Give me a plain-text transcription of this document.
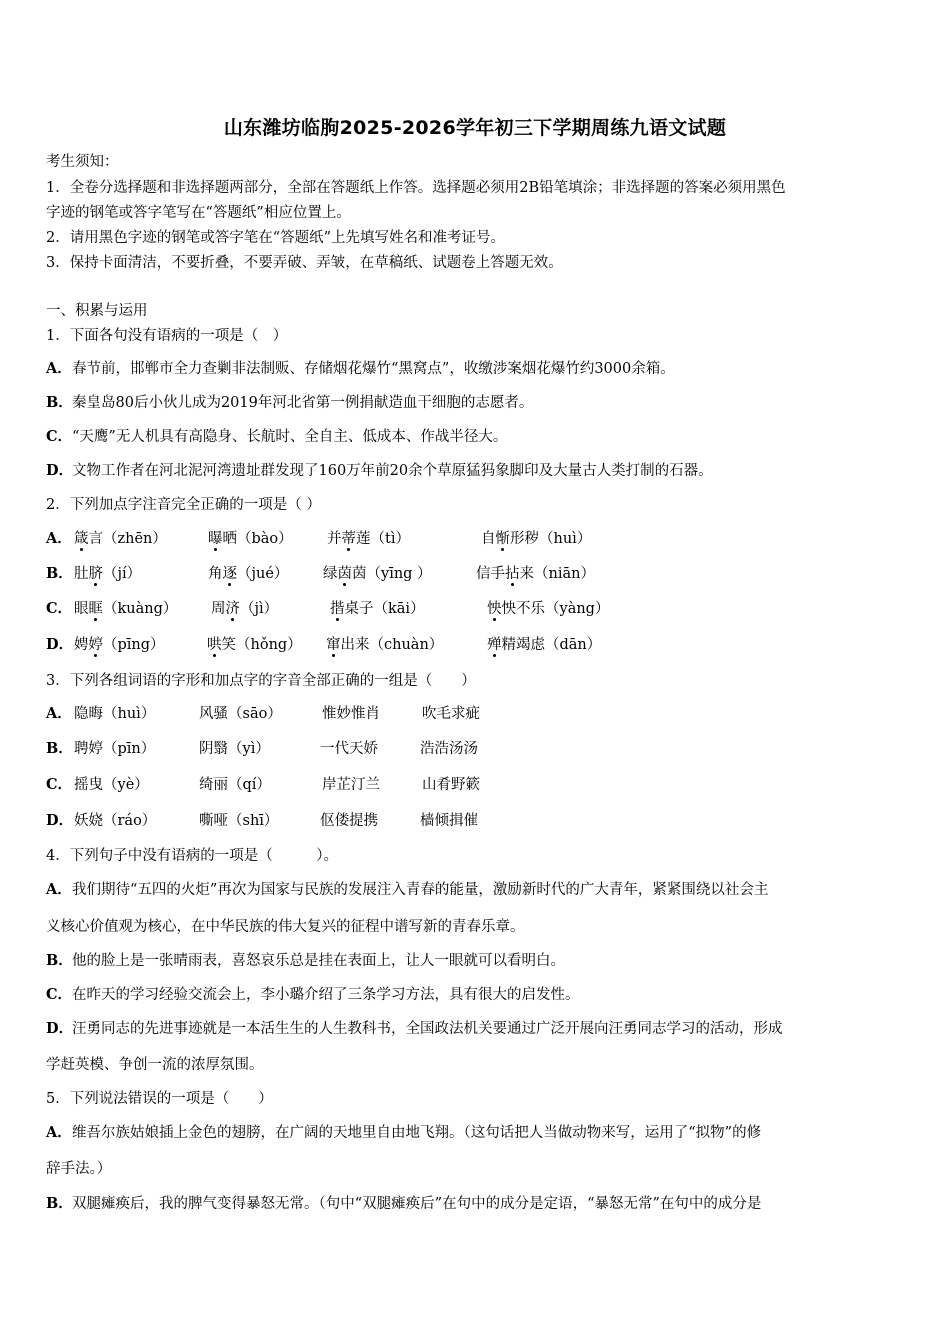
山东潍坊临朐2025-2026学年初三下学期周练九语文试题
考生须知：
1．全卷分选择题和非选择题两部分，全部在答题纸上作答。选择题必须用2B铅笔填涂；非选择题的答案必须用黑色
字迹的钢笔或答字笔写在“答题纸”相应位置上。
2．请用黑色字迹的钢笔或答字笔在“答题纸”上先填写姓名和准考证号。
3．保持卡面清洁，不要折叠，不要弄破、弄皱，在草稿纸、试题卷上答题无效。
一、积累与运用
1．下面各句没有语病的一项是（　）
A．春节前，邯郸市全力查剿非法制贩、存储烟花爆竹“黑窝点”，收缴涉案烟花爆竹约3000余箱。
B．秦皇岛80后小伙儿成为2019年河北省第一例捐献造血干细胞的志愿者。
C．“天鹰”无人机具有高隐身、长航时、全自主、低成本、作战半径大。
D．文物工作者在河北泥河湾遗址群发现了160万年前20余个草原猛犸象脚印及大量古人类打制的石器。
2．下列加点字注音完全正确的一项是（ ）
A． 箴言（zhēn）	曝晒（bào） 并蒂莲（tì）	自惭形秽（huì）
B． 肚脐（jí）	角逐（jué） 绿茵茵（yīng ）	信手拈来（niān）
C． 眼眶（kuàng） 周济（jì）	揩桌子（kāi）	怏怏不乐（yàng）
D． 娉婷（pīng）	哄笑（hǒng） 窜出来（chuàn）	殚精竭虑（dān）
3．下列各组词语的字形和加点字的字音全部正确的一组是（　　）
A． 隐晦（huì）	风骚（sāo）	惟妙惟肖	吹毛求疵
B． 聘婷（pīn）	阴翳（yì）	一代天娇	浩浩汤汤
C． 摇曳（yè）	绮丽（qí）	岸芷汀兰	山肴野簌
D． 妖娆（ráo）	嘶哑（shī）	伛偻提携	樯倾揖催
4．下列句子中没有语病的一项是（　　　）。
A．我们期待“五四的火炬”再次为国家与民族的发展注入青春的能量，激励新时代的广大青年，紧紧围绕以社会主
义核心价值观为核心，在中华民族的伟大复兴的征程中谱写新的青春乐章。
B．他的脸上是一张晴雨表，喜怒哀乐总是挂在表面上，让人一眼就可以看明白。
C．在昨天的学习经验交流会上，李小璐介绍了三条学习方法，具有很大的启发性。
D．汪勇同志的先进事迹就是一本活生生的人生教科书，全国政法机关要通过广泛开展向汪勇同志学习的活动，形成
学赶英模、争创一流的浓厚氛围。
5．下列说法错误的一项是（　　）
A．维吾尔族姑娘插上金色的翅膀，在广阔的天地里自由地飞翔。（这句话把人当做动物来写，运用了“拟物”的修
辞手法。）
B．双腿瘫痪后，我的脾气变得暴怒无常。（句中“双腿瘫痪后”在句中的成分是定语，“暴怒无常”在句中的成分是
